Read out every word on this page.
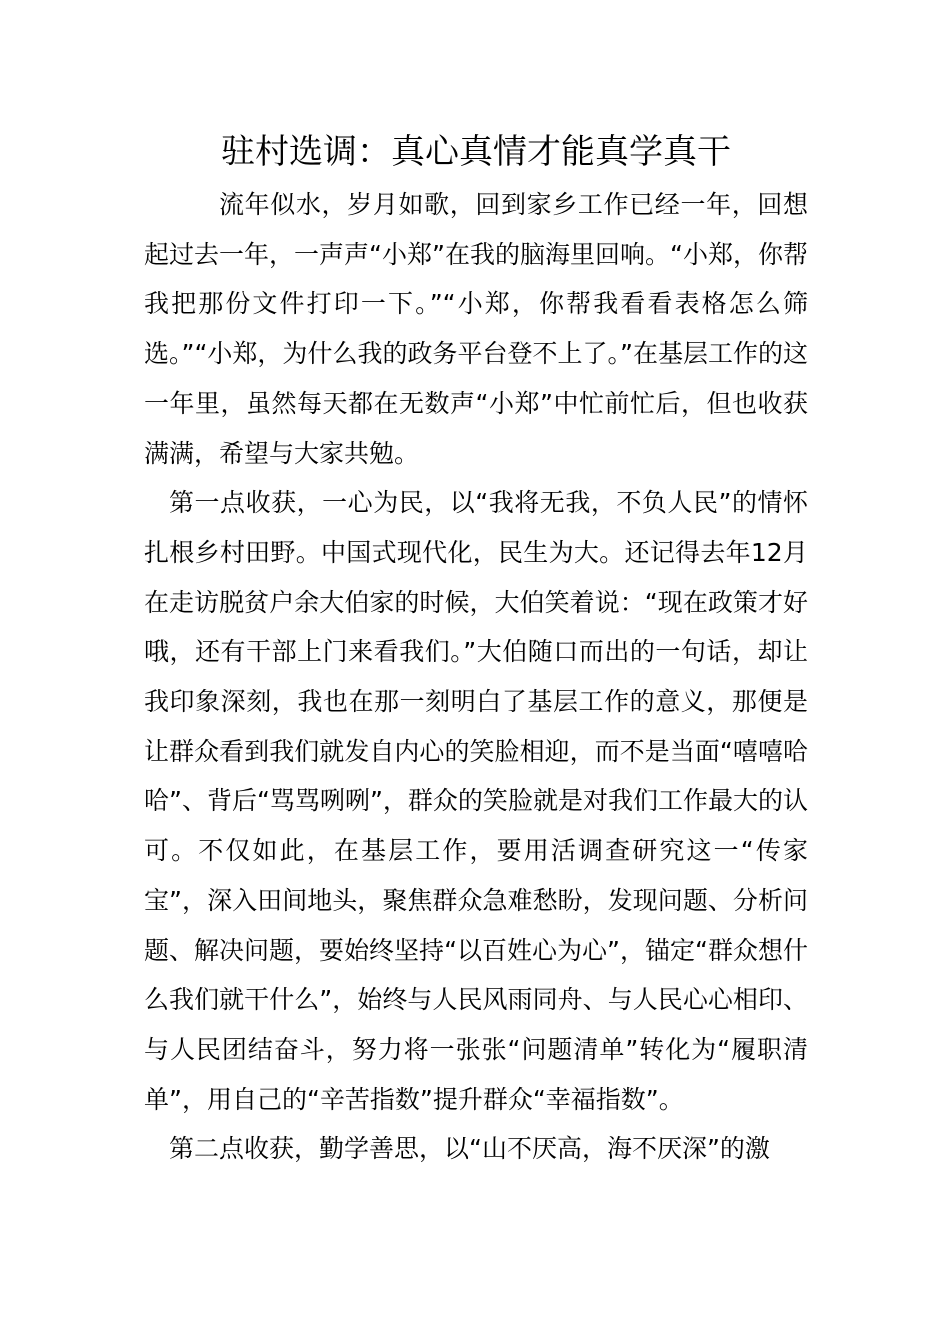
驻村选调：真心真情才能真学真干

流年似水，岁月如歌，回到家乡工作已经一年，回想起过去一年，一声声“小郑”在我的脑海里回响。“小郑，你帮我把那份文件打印一下。”“小郑，你帮我看看表格怎么筛选。”“小郑，为什么我的政务平台登不上了。”在基层工作的这一年里，虽然每天都在无数声“小郑”中忙前忙后，但也收获满满，希望与大家共勉。

第一点收获，一心为民，以“我将无我，不负人民”的情怀扎根乡村田野。中国式现代化，民生为大。还记得去年12月在走访脱贫户余大伯家的时候，大伯笑着说：“现在政策才好哦，还有干部上门来看我们。”大伯随口而出的一句话，却让我印象深刻，我也在那一刻明白了基层工作的意义，那便是让群众看到我们就发自内心的笑脸相迎，而不是当面“嘻嘻哈哈”、背后“骂骂咧咧”，群众的笑脸就是对我们工作最大的认可。不仅如此，在基层工作，要用活调查研究这一“传家宝”，深入田间地头，聚焦群众急难愁盼，发现问题、分析问题、解决问题，要始终坚持“以百姓心为心”，锚定“群众想什么我们就干什么”，始终与人民风雨同舟、与人民心心相印、与人民团结奋斗，努力将一张张“问题清单”转化为“履职清单”，用自己的“辛苦指数”提升群众“幸福指数”。

第二点收获，勤学善思，以“山不厌高，海不厌深”的激
